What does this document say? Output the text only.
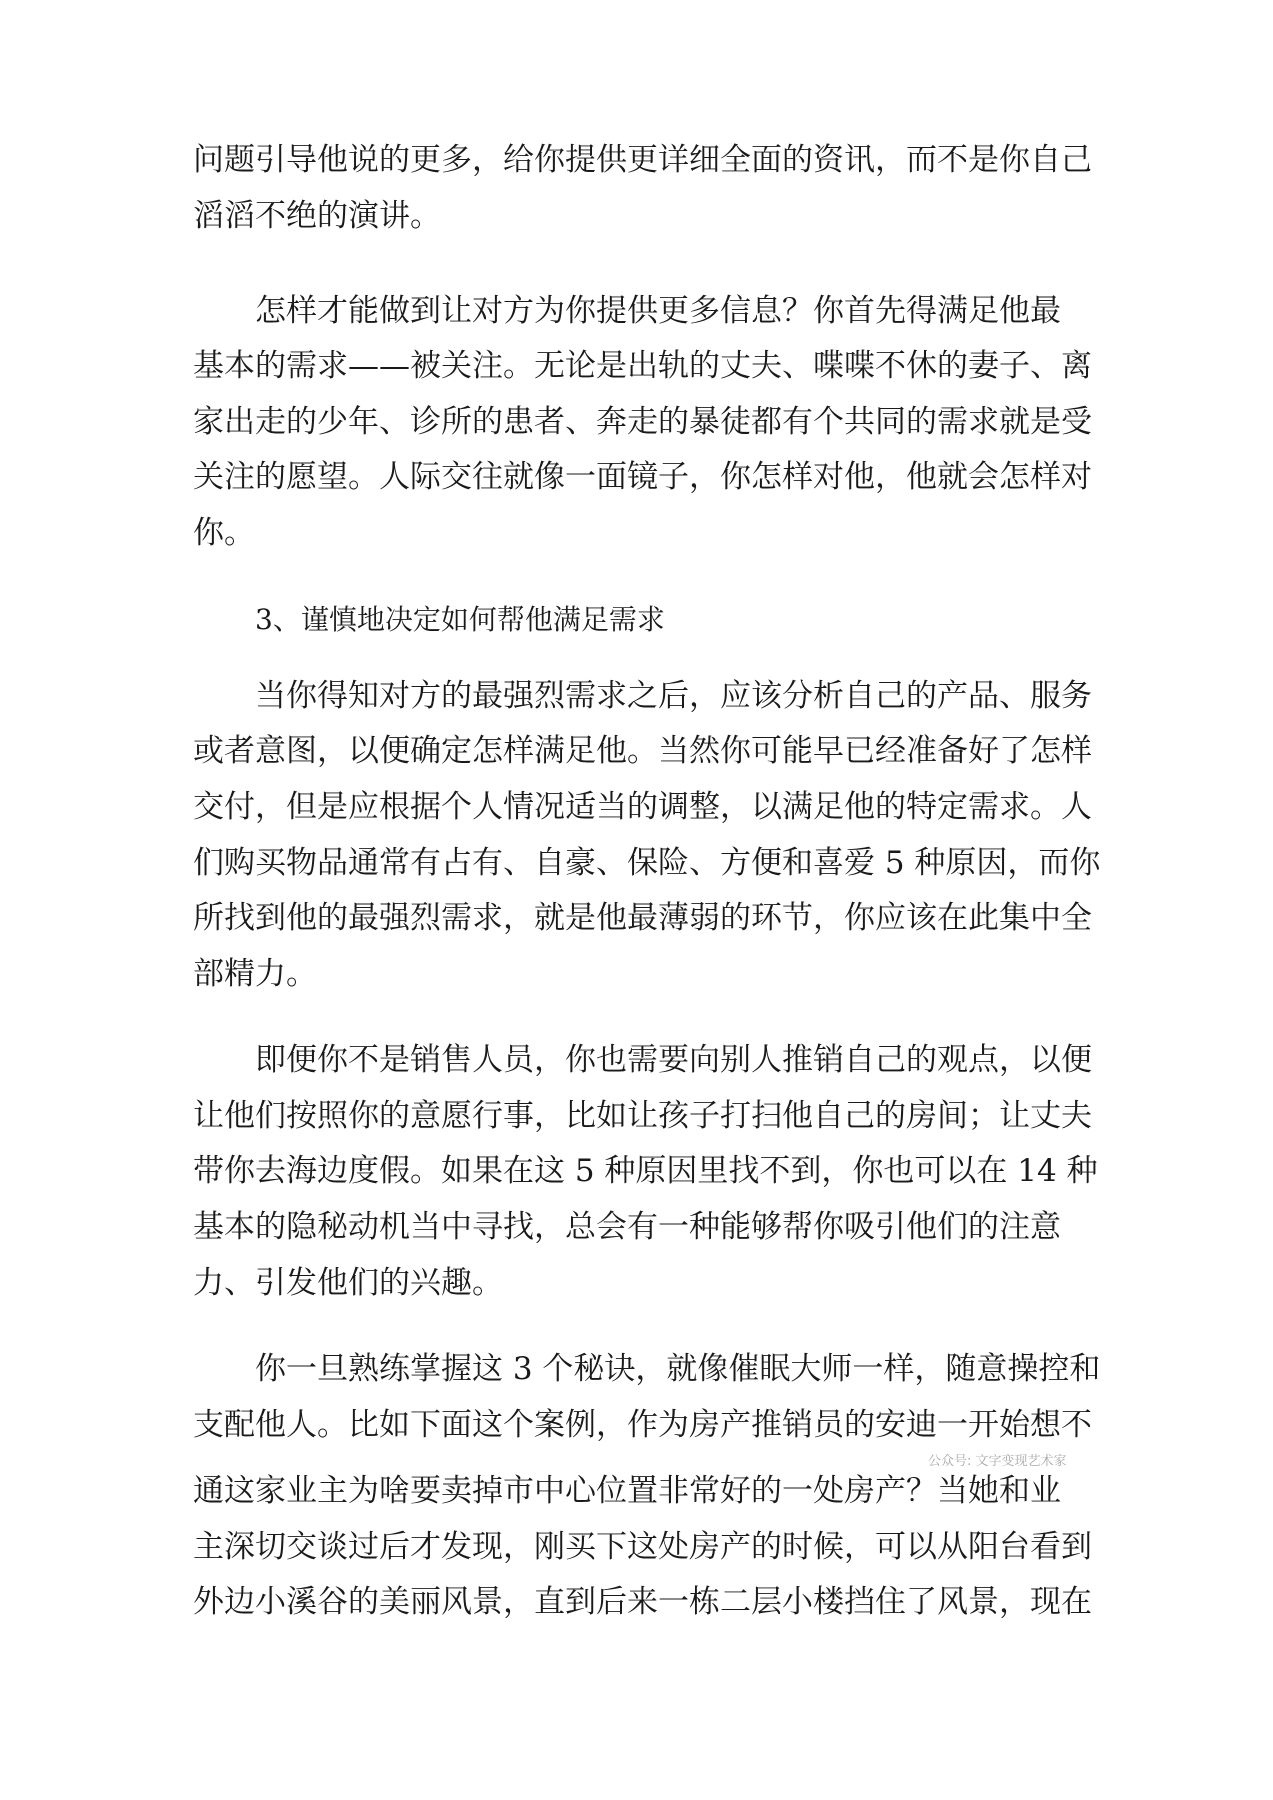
问题引导他说的更多，给你提供更详细全面的资讯，而不是你自己
滔滔不绝的演讲。
怎样才能做到让对方为你提供更多信息？你首先得满足他最
基本的需求——被关注。无论是出轨的丈夫、喋喋不休的妻子、离
家出走的少年、诊所的患者、奔走的暴徒都有个共同的需求就是受
关注的愿望。人际交往就像一面镜子，你怎样对他，他就会怎样对
你。
3、谨慎地决定如何帮他满足需求
当你得知对方的最强烈需求之后，应该分析自己的产品、服务
或者意图，以便确定怎样满足他。当然你可能早已经准备好了怎样
交付，但是应根据个人情况适当的调整，以满足他的特定需求。人
们购买物品通常有占有、自豪、保险、方便和喜爱 5 种原因，而你
所找到他的最强烈需求，就是他最薄弱的环节，你应该在此集中全
部精力。
即便你不是销售人员，你也需要向别人推销自己的观点，以便
让他们按照你的意愿行事，比如让孩子打扫他自己的房间；让丈夫
带你去海边度假。如果在这 5 种原因里找不到，你也可以在 14 种
基本的隐秘动机当中寻找，总会有一种能够帮你吸引他们的注意
力、引发他们的兴趣。
你一旦熟练掌握这 3 个秘诀，就像催眠大师一样，随意操控和
支配他人。比如下面这个案例，作为房产推销员的安迪一开始想不
通这家业主为啥要卖掉市中心位置非常好的一处房产？当她和业
主深切交谈过后才发现，刚买下这处房产的时候，可以从阳台看到
外边小溪谷的美丽风景，直到后来一栋二层小楼挡住了风景，现在
公众号: 文字变现艺术家
